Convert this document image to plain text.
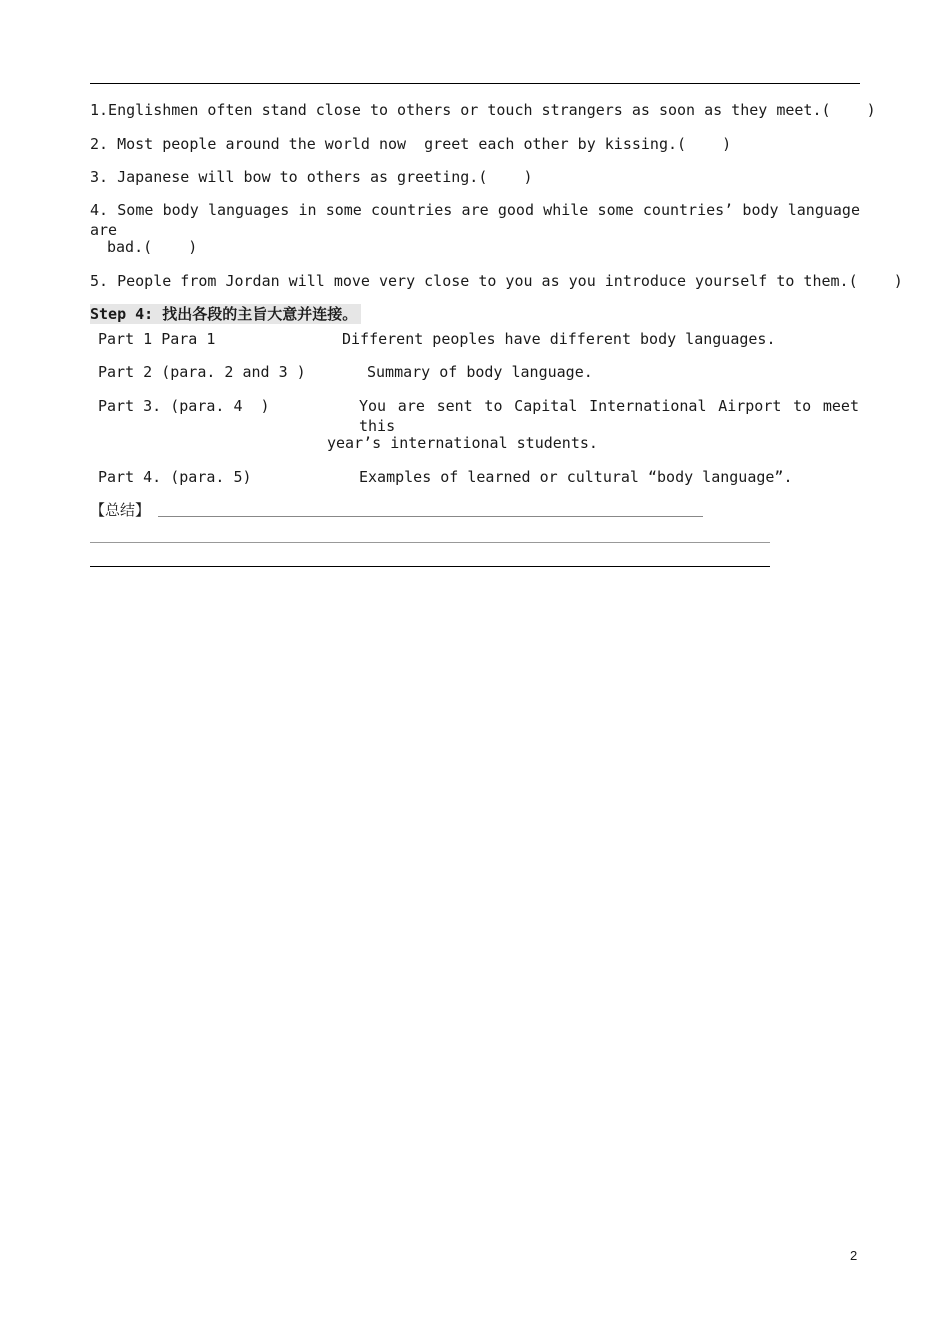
1.Englishmen often stand close to others or touch strangers as soon as they meet.(    )
2. Most people around the world now  greet each other by kissing.(    )
3. Japanese will bow to others as greeting.(    )
4. Some body languages in some countries are good while some countries’ body language are
bad.(    )
5. People from Jordan will move very close to you as you introduce yourself to them.(    )
Step 4: 找出各段的主旨大意并连接。
Part 1 Para 1	Different peoples have different body languages.
Part 2 (para. 2 and 3 )	Summary of body language.
Part 3. (para. 4  )	You are sent to Capital International Airport to meet this
year’s international students.
Part 4. (para. 5)	Examples of learned or cultural “body language”.
【总结】
2
